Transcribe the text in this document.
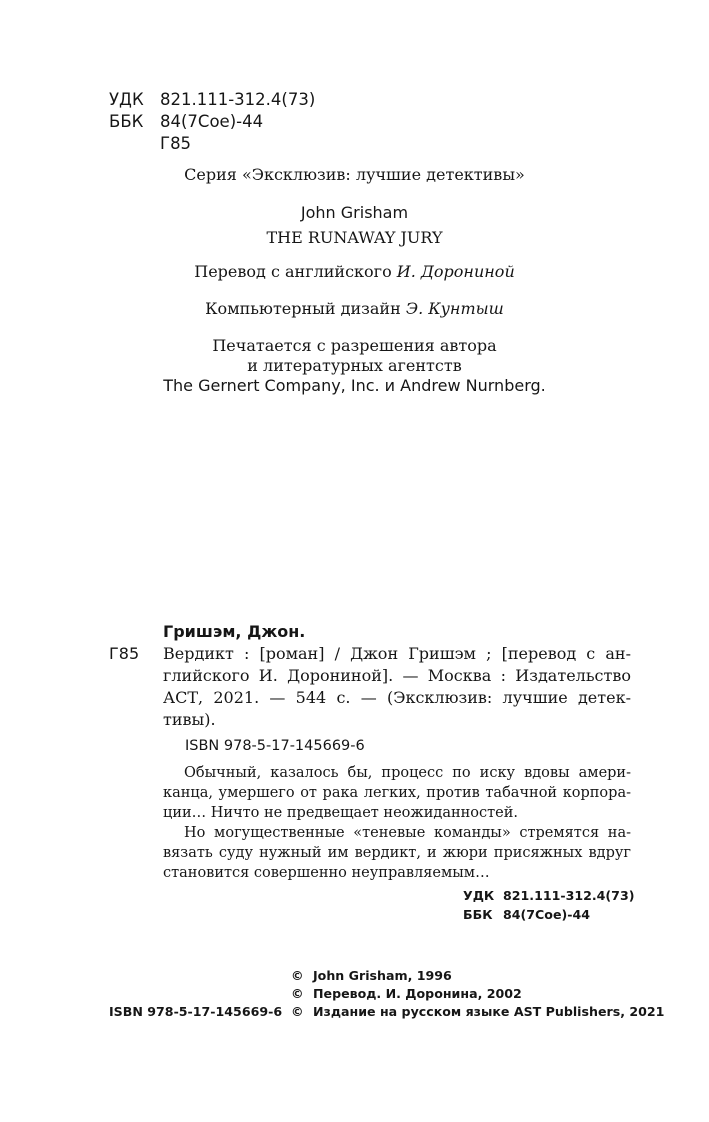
УДК 821.111-312.4(73)
ББК 84(7Сое)-44
Г85
Серия «Эксклюзив: лучшие детективы»
John Grisham
THE RUNAWAY JURY
Перевод с английского И. Дорониной
Компьютерный дизайн Э. Кунтыш
Печатается с разрешения автора
и литературных агентств
The Gernert Company, Inc. и Andrew Nurnberg.
Гришэм, Джон.
Г85 Вердикт : [роман] / Джон Гришэм ; [перевод с ан-
глийского И. Дорониной]. — Москва : Издательство
АСТ, 2021. — 544 с. — (Эксклюзив: лучшие детек-
тивы).
ISBN 978-5-17-145669-6
Обычный, казалось бы, процесс по иску вдовы амери-
канца, умершего от рака легких, против табачной корпора-
ции… Ничто не предвещает неожиданностей.
Но могущественные «теневые команды» стремятся на-
вязать суду нужный им вердикт, и жюри присяжных вдруг
становится совершенно неуправляемым…
УДК 821.111-312.4(73)
ББК 84(7Сое)-44
© John Grisham, 1996
© Перевод. И. Доронина, 2002
ISBN 978-5-17-145669-6 © Издание на русском языке AST Publishers, 2021
